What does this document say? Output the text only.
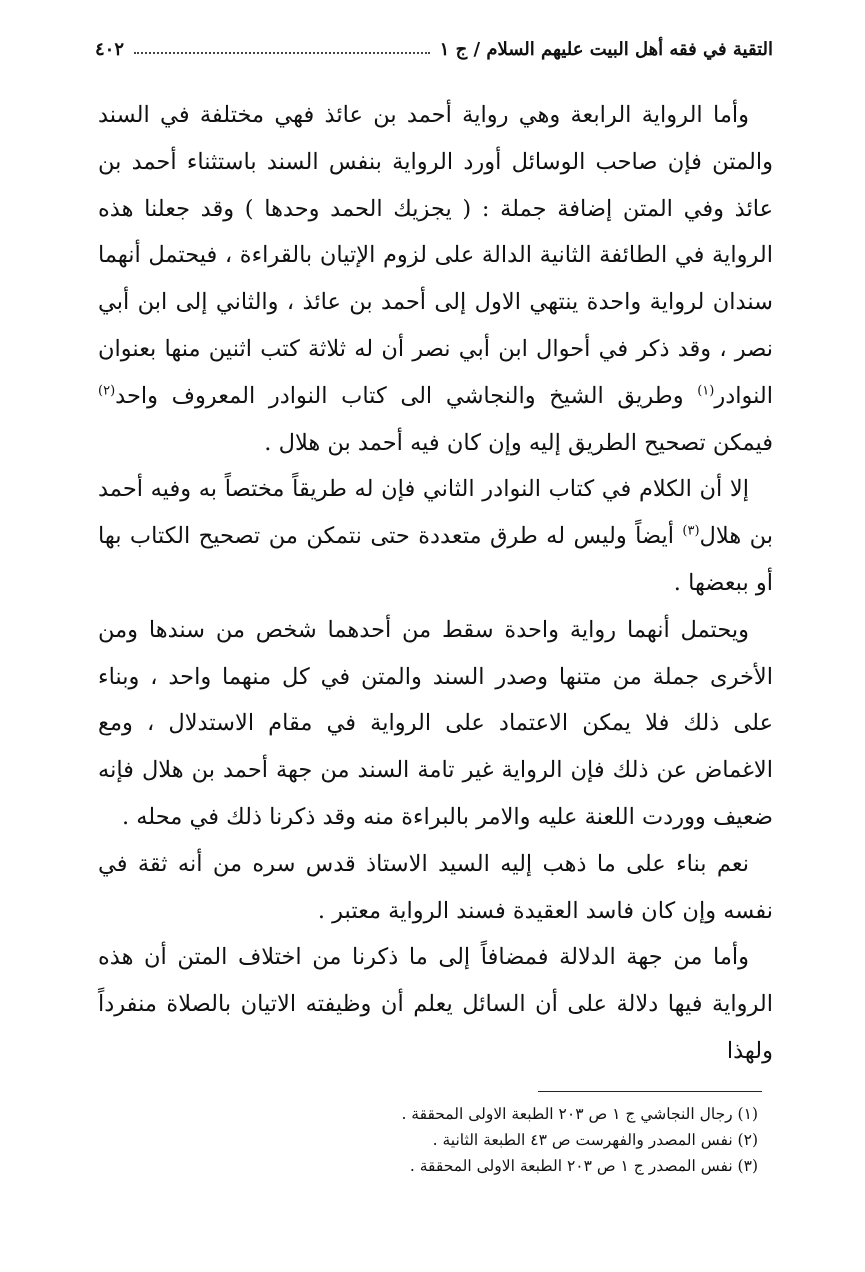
التقية في فقه أهل البيت عليهم السلام / ج ١
٤٠٢

وأما الرواية الرابعة وهي رواية أحمد بن عائذ فهي مختلفة في السند والمتن فإن صاحب الوسائل أورد الرواية بنفس السند باستثناء أحمد بن عائذ وفي المتن إضافة جملة : ( يجزيك الحمد وحدها ) وقد جعلنا هذه الرواية في الطائفة الثانية الدالة على لزوم الإتيان بالقراءة ، فيحتمل أنهما سندان لرواية واحدة ينتهي الاول إلى أحمد بن عائذ ، والثاني إلى ابن أبي نصر ، وقد ذكر في أحوال ابن أبي نصر أن له ثلاثة كتب اثنين منها بعنوان النوادر$^{(١)}$ وطريق الشيخ والنجاشي الى كتاب النوادر المعروف واحد$^{(٢)}$ فيمكن تصحيح الطريق إليه وإن كان فيه أحمد بن هلال .

إلا أن الكلام في كتاب النوادر الثاني فإن له طريقاً مختصاً به وفيه أحمد بن هلال$^{(٣)}$ أيضاً وليس له طرق متعددة حتى نتمكن من تصحيح الكتاب بها أو ببعضها .

ويحتمل أنهما رواية واحدة سقط من أحدهما شخص من سندها ومن الأخرى جملة من متنها وصدر السند والمتن في كل منهما واحد ، وبناء على ذلك فلا يمكن الاعتماد على الرواية في مقام الاستدلال ، ومع الاغماض عن ذلك فإن الرواية غير تامة السند من جهة أحمد بن هلال فإنه ضعيف ووردت اللعنة عليه والامر بالبراءة منه وقد ذكرنا ذلك في محله .

نعم بناء على ما ذهب إليه السيد الاستاذ قدس سره من أنه ثقة في نفسه وإن كان فاسد العقيدة فسند الرواية معتبر .

وأما من جهة الدلالة فمضافاً إلى ما ذكرنا من اختلاف المتن أن هذه الرواية فيها دلالة على أن السائل يعلم أن وظيفته الاتيان بالصلاة منفرداً ولهذا

(١) رجال النجاشي ج ١ ص ٢٠٣ الطبعة الاولى المحققة .
(٢) نفس المصدر والفهرست ص ٤٣ الطبعة الثانية .
(٣) نفس المصدر ج ١ ص ٢٠٣ الطبعة الاولى المحققة .
